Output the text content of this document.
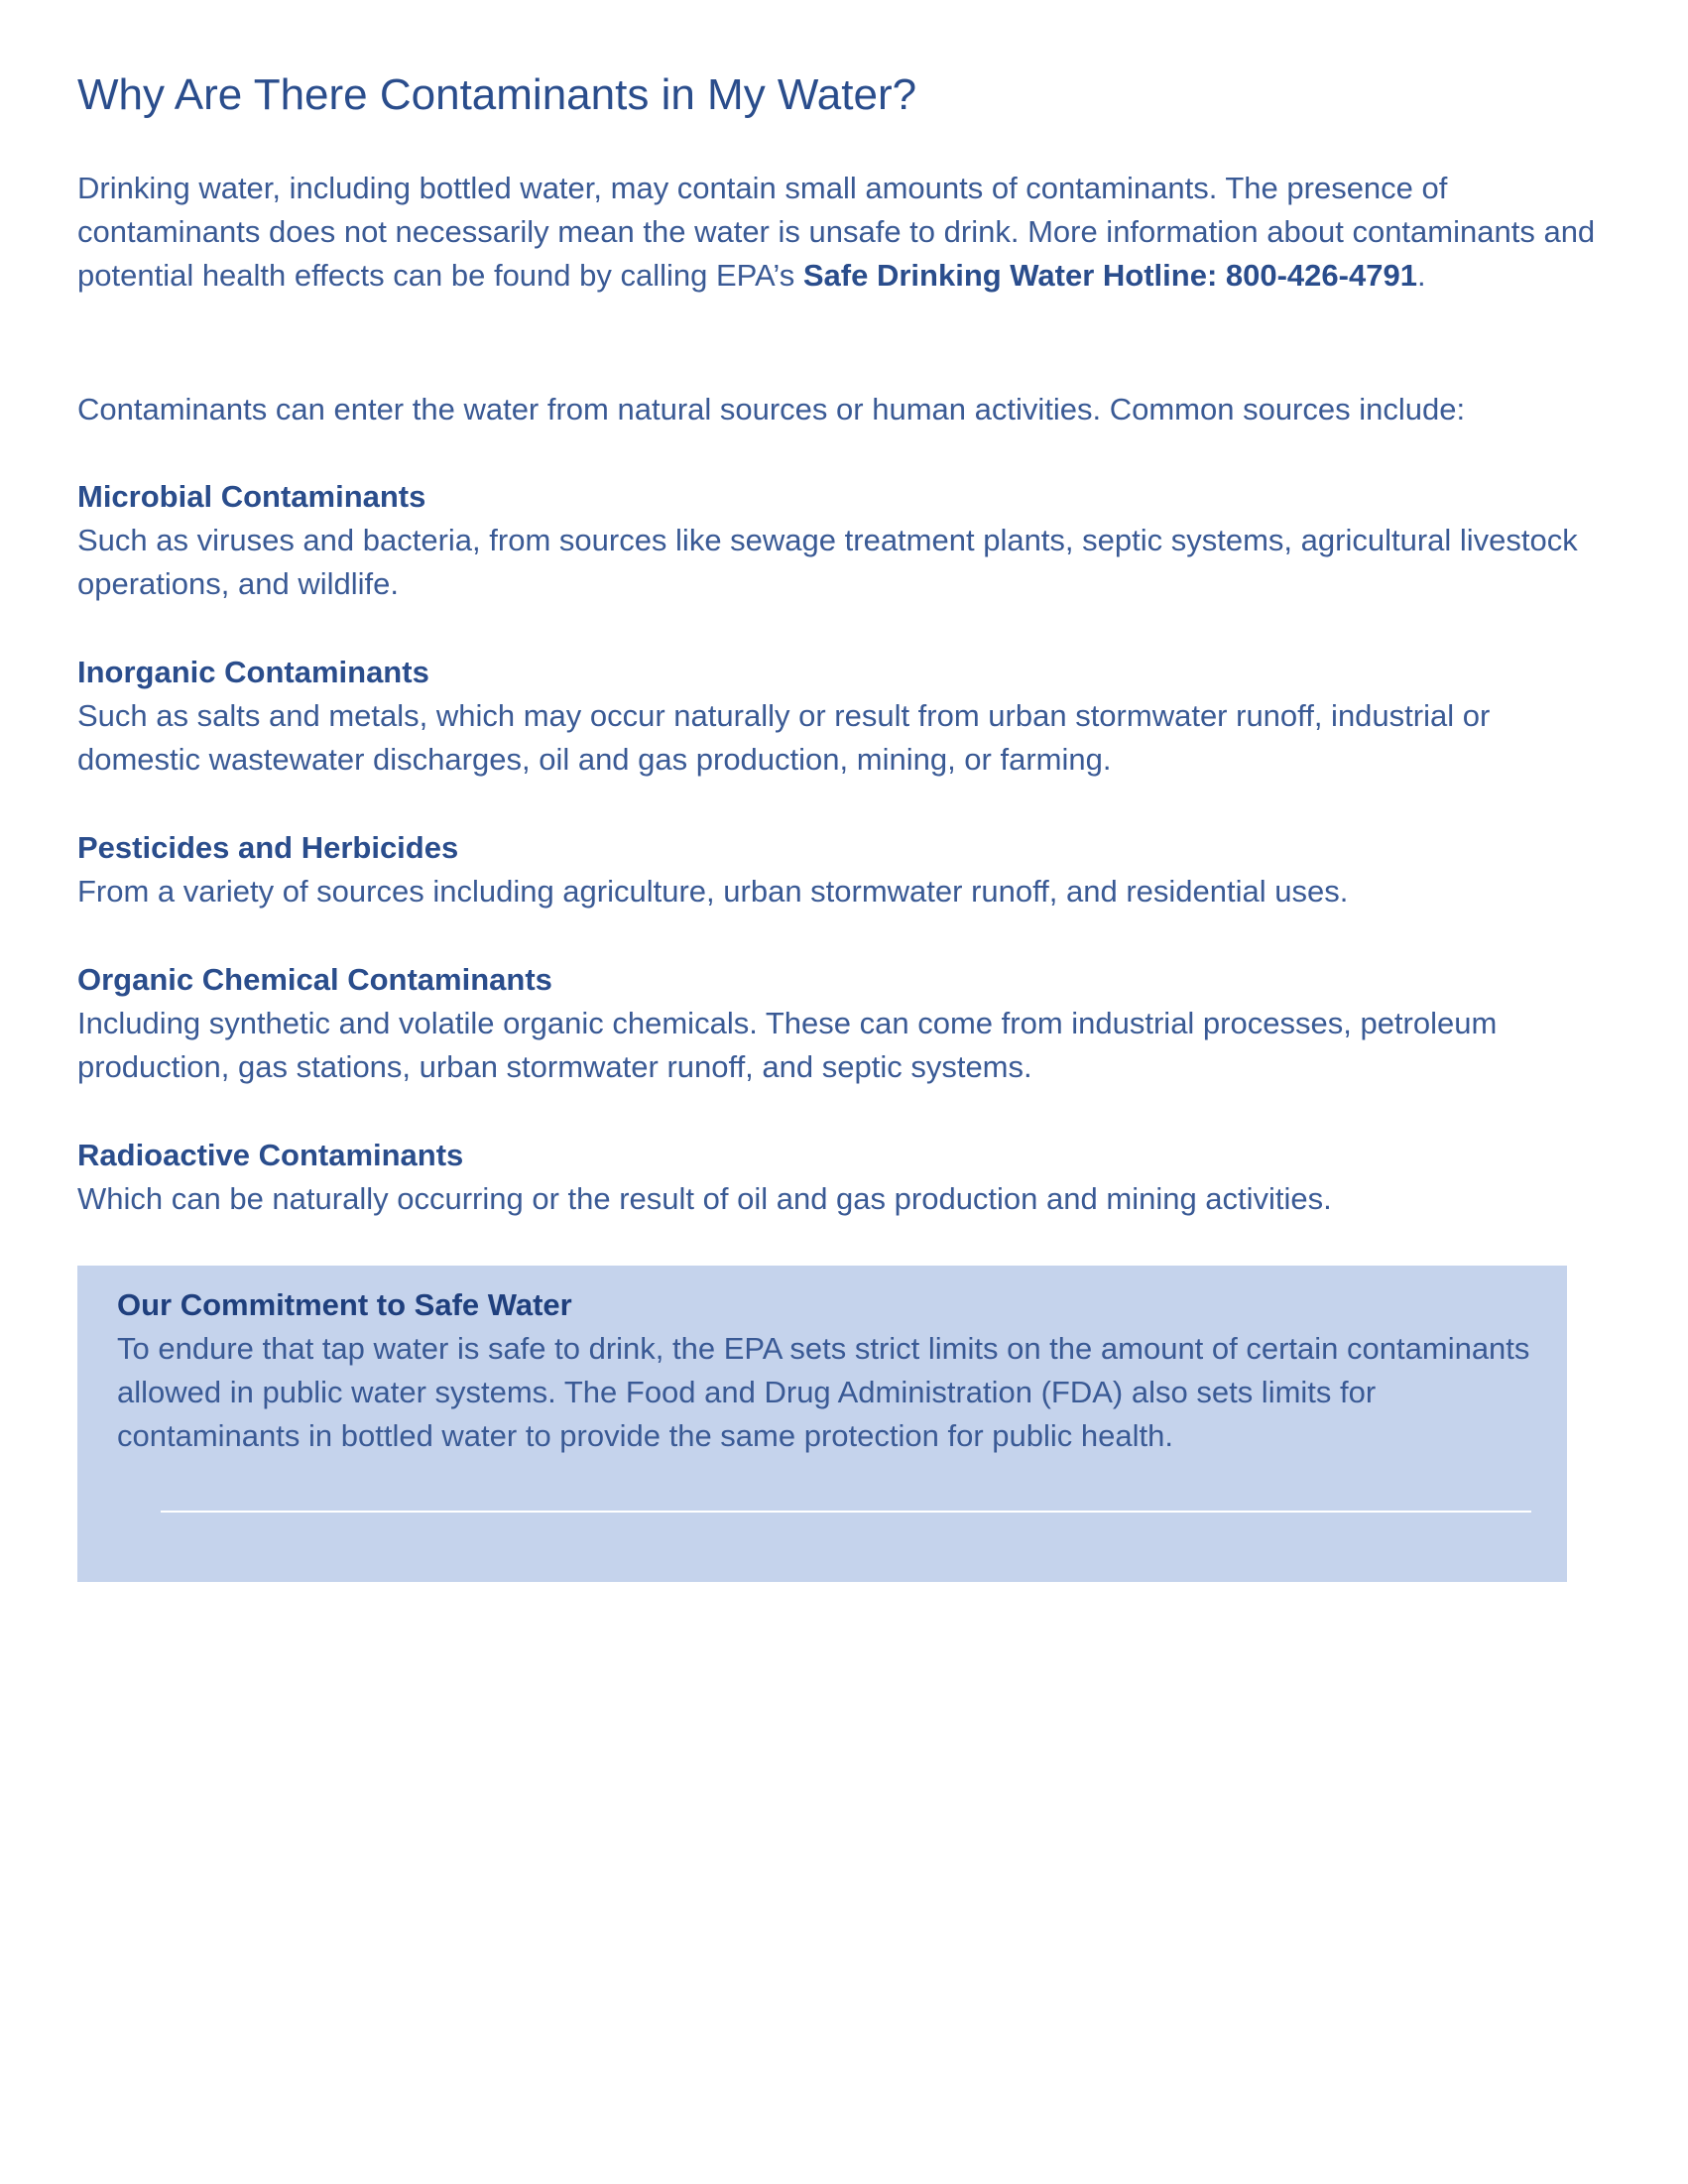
Why Are There Contaminants in My Water?

Drinking water, including bottled water, may contain small amounts of contaminants. The presence of contaminants does not necessarily mean the water is unsafe to drink. More information about contaminants and potential health effects can be found by calling EPA’s Safe Drinking Water Hotline: 800-426-4791.

Contaminants can enter the water from natural sources or human activities. Common sources include:

Microbial Contaminants

Such as viruses and bacteria, from sources like sewage treatment plants, septic systems, agricultural livestock operations, and wildlife.

Inorganic Contaminants

Such as salts and metals, which may occur naturally or result from urban stormwater runoff, industrial or domestic wastewater discharges, oil and gas production, mining, or farming.

Pesticides and Herbicides

From a variety of sources including agriculture, urban stormwater runoff, and residential uses.

Organic Chemical Contaminants

Including synthetic and volatile organic chemicals. These can come from industrial processes, petroleum production, gas stations, urban stormwater runoff, and septic systems.

Radioactive Contaminants

Which can be naturally occurring or the result of oil and gas production and mining activities.

Our Commitment to Safe Water

To endure that tap water is safe to drink, the EPA sets strict limits on the amount of certain contaminants allowed in public water systems. The Food and Drug Administration (FDA) also sets limits for contaminants in bottled water to provide the same protection for public health.
